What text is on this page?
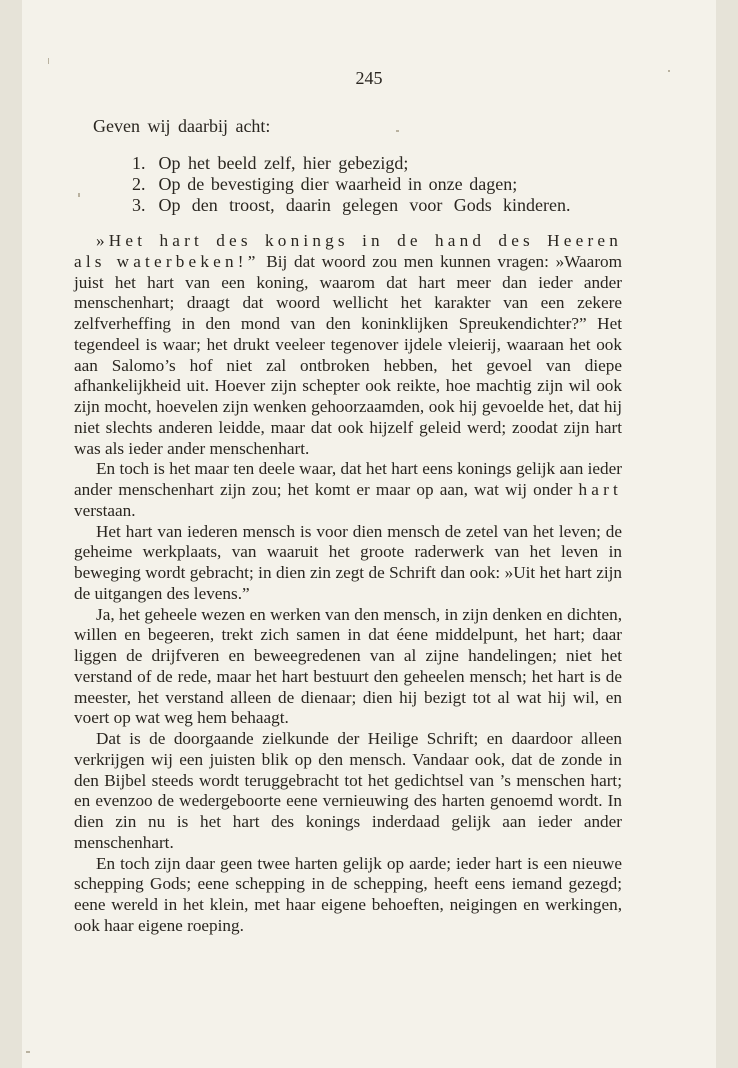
245
Geven wij daarbij acht:
1. Op het beeld zelf, hier gebezigd;
2. Op de bevestiging dier waarheid in onze dagen;
3. Op den troost, daarin gelegen voor Gods kinderen.

»Het hart des konings in de hand des Heeren als waterbeken!” Bij dat woord zou men kunnen vragen: »Waarom juist het hart van een koning, waarom dat hart meer dan ieder ander menschenhart; draagt dat woord wellicht het karakter van een zekere zelfverheffing in den mond van den koninklijken Spreukendichter?” Het tegendeel is waar; het drukt veeleer tegenover ijdele vleierij, waaraan het ook aan Salomo’s hof niet zal ontbroken hebben, het gevoel van diepe afhankelijkheid uit. Hoever zijn schepter ook reikte, hoe machtig zijn wil ook zijn mocht, hoevelen zijn wenken gehoorzaamden, ook hij gevoelde het, dat hij niet slechts anderen leidde, maar dat ook hijzelf geleid werd; zoodat zijn hart was als ieder ander menschenhart.

En toch is het maar ten deele waar, dat het hart eens konings gelijk aan ieder ander menschenhart zijn zou; het komt er maar op aan, wat wij onder hart verstaan.

Het hart van iederen mensch is voor dien mensch de zetel van het leven; de geheime werkplaats, van waaruit het groote raderwerk van het leven in beweging wordt gebracht; in dien zin zegt de Schrift dan ook: »Uit het hart zijn de uitgangen des levens.”

Ja, het geheele wezen en werken van den mensch, in zijn denken en dichten, willen en begeeren, trekt zich samen in dat éene middelpunt, het hart; daar liggen de drijfveren en beweegredenen van al zijne handelingen; niet het verstand of de rede, maar het hart bestuurt den geheelen mensch; het hart is de meester, het verstand alleen de dienaar; dien hij bezigt tot al wat hij wil, en voert op wat weg hem behaagt.

Dat is de doorgaande zielkunde der Heilige Schrift; en daardoor alleen verkrijgen wij een juisten blik op den mensch. Vandaar ook, dat de zonde in den Bijbel steeds wordt teruggebracht tot het gedichtsel van ’s menschen hart; en evenzoo de wedergeboorte eene vernieuwing des harten genoemd wordt. In dien zin nu is het hart des konings inderdaad gelijk aan ieder ander menschenhart.

En toch zijn daar geen twee harten gelijk op aarde; ieder hart is een nieuwe schepping Gods; eene schepping in de schepping, heeft eens iemand gezegd; eene wereld in het klein, met haar eigene behoeften, neigingen en werkingen, ook haar eigene roeping.
